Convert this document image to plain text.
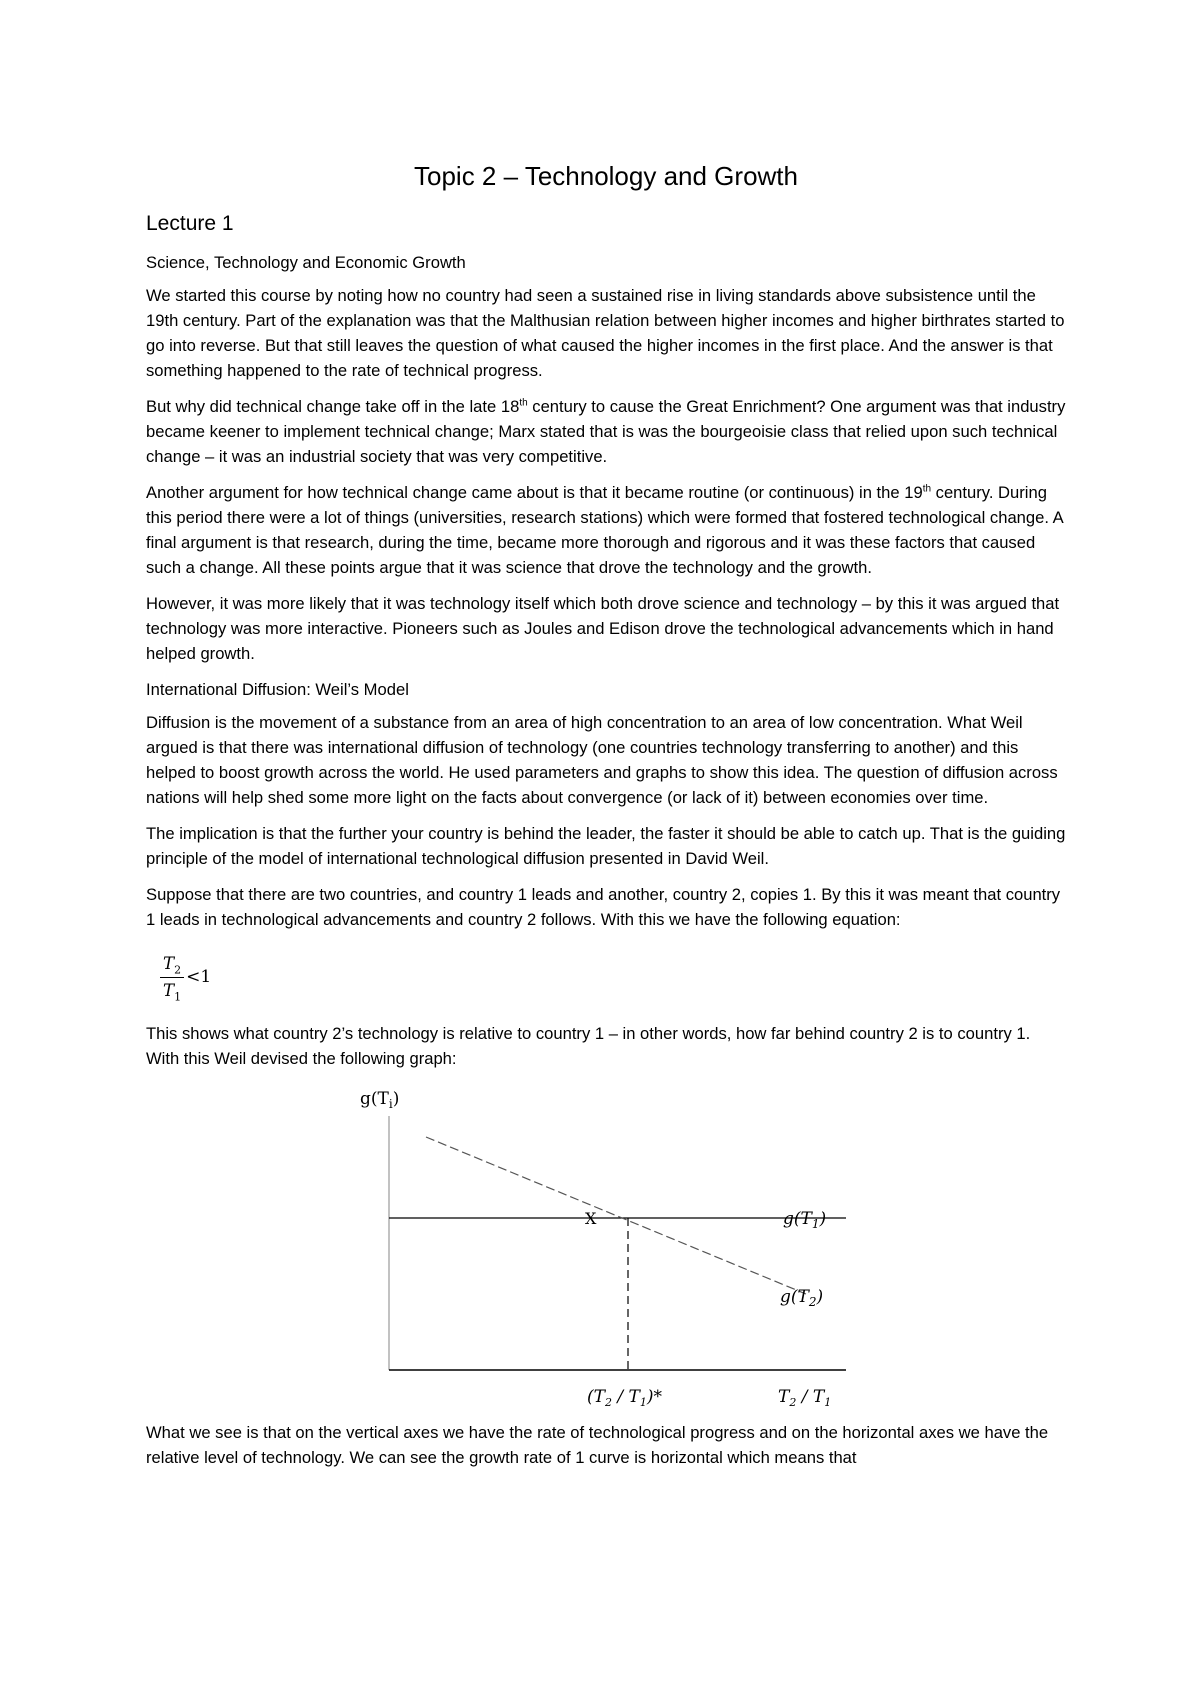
Topic 2 – Technology and Growth
Lecture 1
Science, Technology and Economic Growth

We started this course by noting how no country had seen a sustained rise in living standards above subsistence until the 19th century. Part of the explanation was that the Malthusian relation between higher incomes and higher birthrates started to go into reverse. But that still leaves the question of what caused the higher incomes in the first place. And the answer is that something happened to the rate of technical progress.

But why did technical change take off in the late 18th century to cause the Great Enrichment? One argument was that industry became keener to implement technical change; Marx stated that is was the bourgeoisie class that relied upon such technical change – it was an industrial society that was very competitive.

Another argument for how technical change came about is that it became routine (or continuous) in the 19th century. During this period there were a lot of things (universities, research stations) which were formed that fostered technological change. A final argument is that research, during the time, became more thorough and rigorous and it was these factors that caused such a change. All these points argue that it was science that drove the technology and the growth.

However, it was more likely that it was technology itself which both drove science and technology – by this it was argued that technology was more interactive. Pioneers such as Joules and Edison drove the technological advancements which in hand helped growth.

International Diffusion: Weil’s Model

Diffusion is the movement of a substance from an area of high concentration to an area of low concentration. What Weil argued is that there was international diffusion of technology (one countries technology transferring to another) and this helped to boost growth across the world. He used parameters and graphs to show this idea. The question of diffusion across nations will help shed some more light on the facts about convergence (or lack of it) between economies over time.

The implication is that the further your country is behind the leader, the faster it should be able to catch up. That is the guiding principle of the model of international technological diffusion presented in David Weil.

Suppose that there are two countries, and country 1 leads and another, country 2, copies 1. By this it was meant that country 1 leads in technological advancements and country 2 follows. With this we have the following equation:

$\frac{T_2}{T_1} <1$

This shows what country 2’s technology is relative to country 1 – in other words, how far behind country 2 is to country 1. With this Weil devised the following graph:

$g(T_i)$
X	$g(T_1)$
$g(T_2)$
$(T_2 / T_1)*$	$T_2 / T_1$

What we see is that on the vertical axes we have the rate of technological progress and on the horizontal axes we have the relative level of technology. We can see the growth rate of 1 curve is horizontal which means that
